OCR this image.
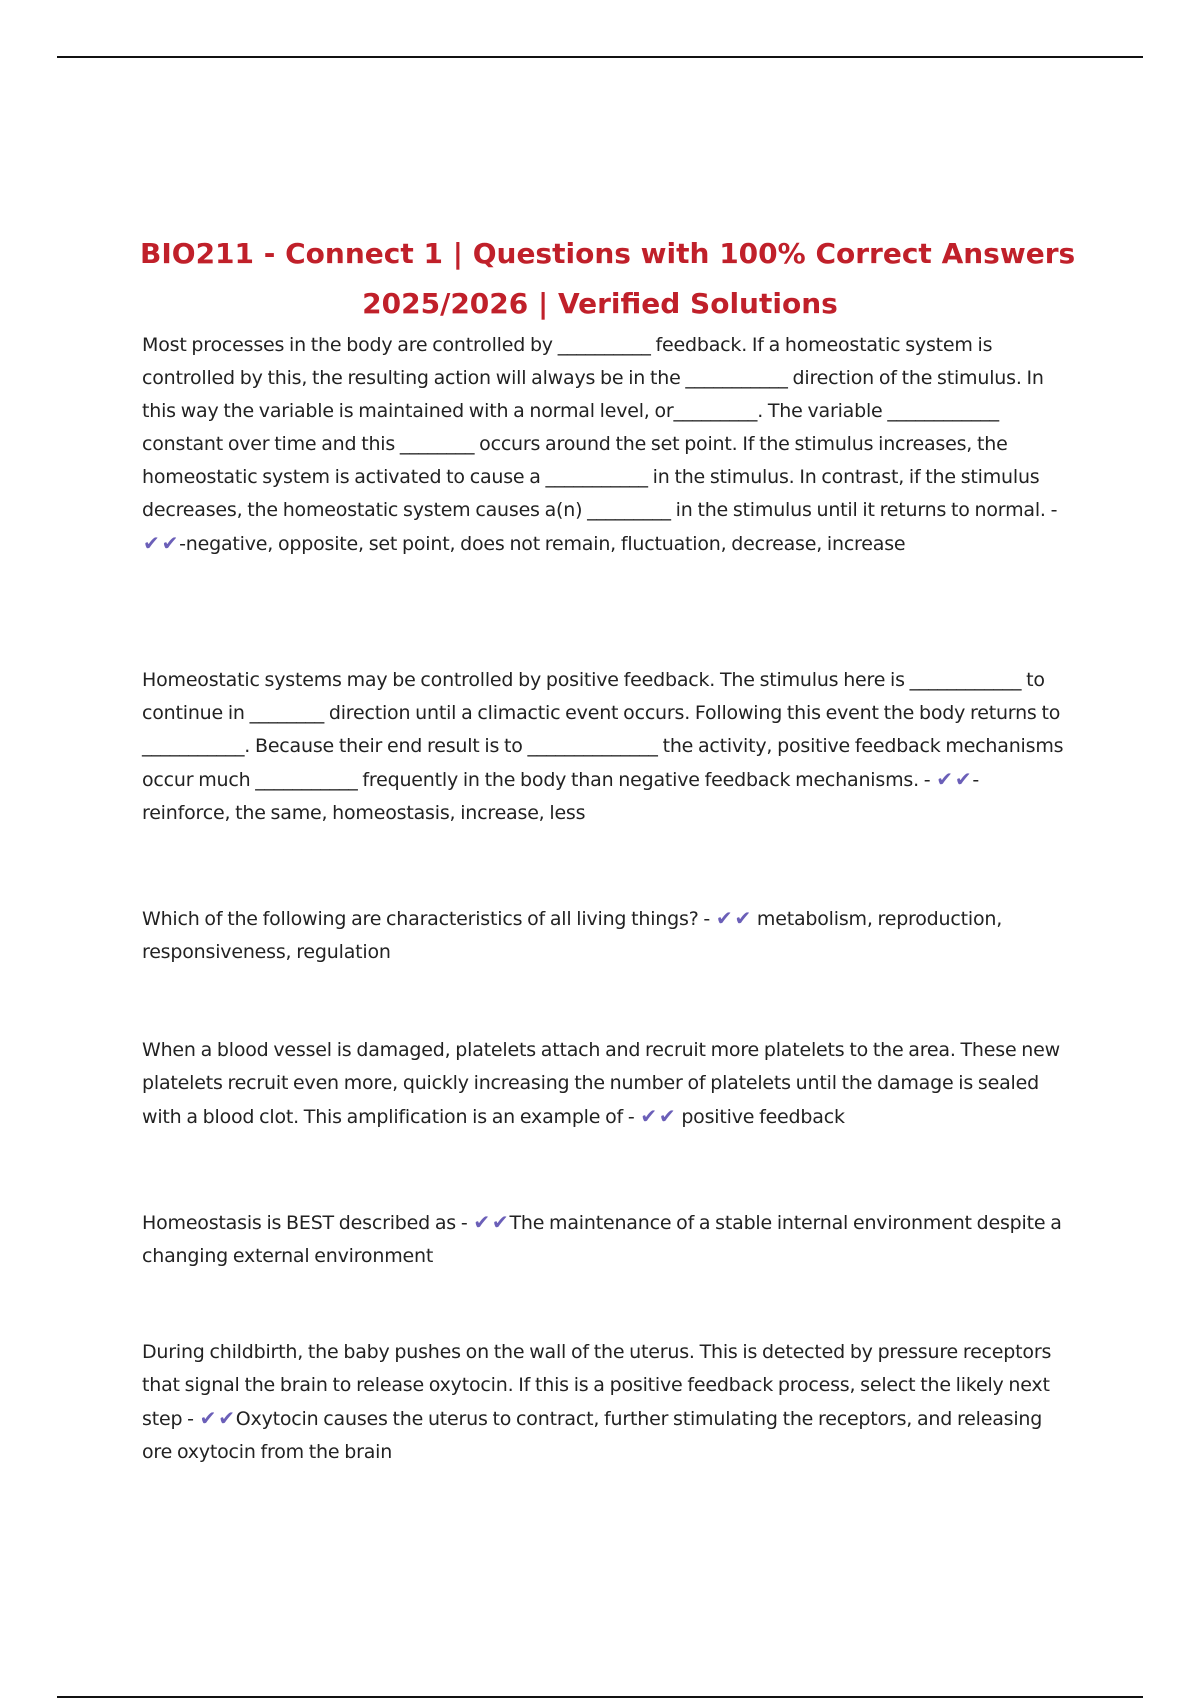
BIO211 - Connect 1 | Questions with 100% Correct Answers
2025/2026 | Verified Solutions
Most processes in the body are controlled by __________ feedback. If a homeostatic system is controlled by this, the resulting action will always be in the ___________ direction of the stimulus. In this way the variable is maintained with a normal level, or_________. The variable ____________ constant over time and this ________ occurs around the set point. If the stimulus increases, the homeostatic system is activated to cause a ___________ in the stimulus. In contrast, if the stimulus decreases, the homeostatic system causes a(n) _________ in the stimulus until it returns to normal. - ✔ ✔-negative, opposite, set point, does not remain, fluctuation, decrease, increase
Homeostatic systems may be controlled by positive feedback. The stimulus here is ____________ to continue in ________ direction until a climactic event occurs. Following this event the body returns to ___________. Because their end result is to ______________ the activity, positive feedback mechanisms occur much ___________ frequently in the body than negative feedback mechanisms. - ✔ ✔-reinforce, the same, homeostasis, increase, less
Which of the following are characteristics of all living things? - ✔ ✔ metabolism, reproduction, responsiveness, regulation
When a blood vessel is damaged, platelets attach and recruit more platelets to the area. These new platelets recruit even more, quickly increasing the number of platelets until the damage is sealed with a blood clot. This amplification is an example of - ✔ ✔ positive feedback
Homeostasis is BEST described as - ✔ ✔The maintenance of a stable internal environment despite a changing external environment
During childbirth, the baby pushes on the wall of the uterus. This is detected by pressure receptors that signal the brain to release oxytocin. If this is a positive feedback process, select the likely next step - ✔ ✔Oxytocin causes the uterus to contract, further stimulating the receptors, and releasing ore oxytocin from the brain
